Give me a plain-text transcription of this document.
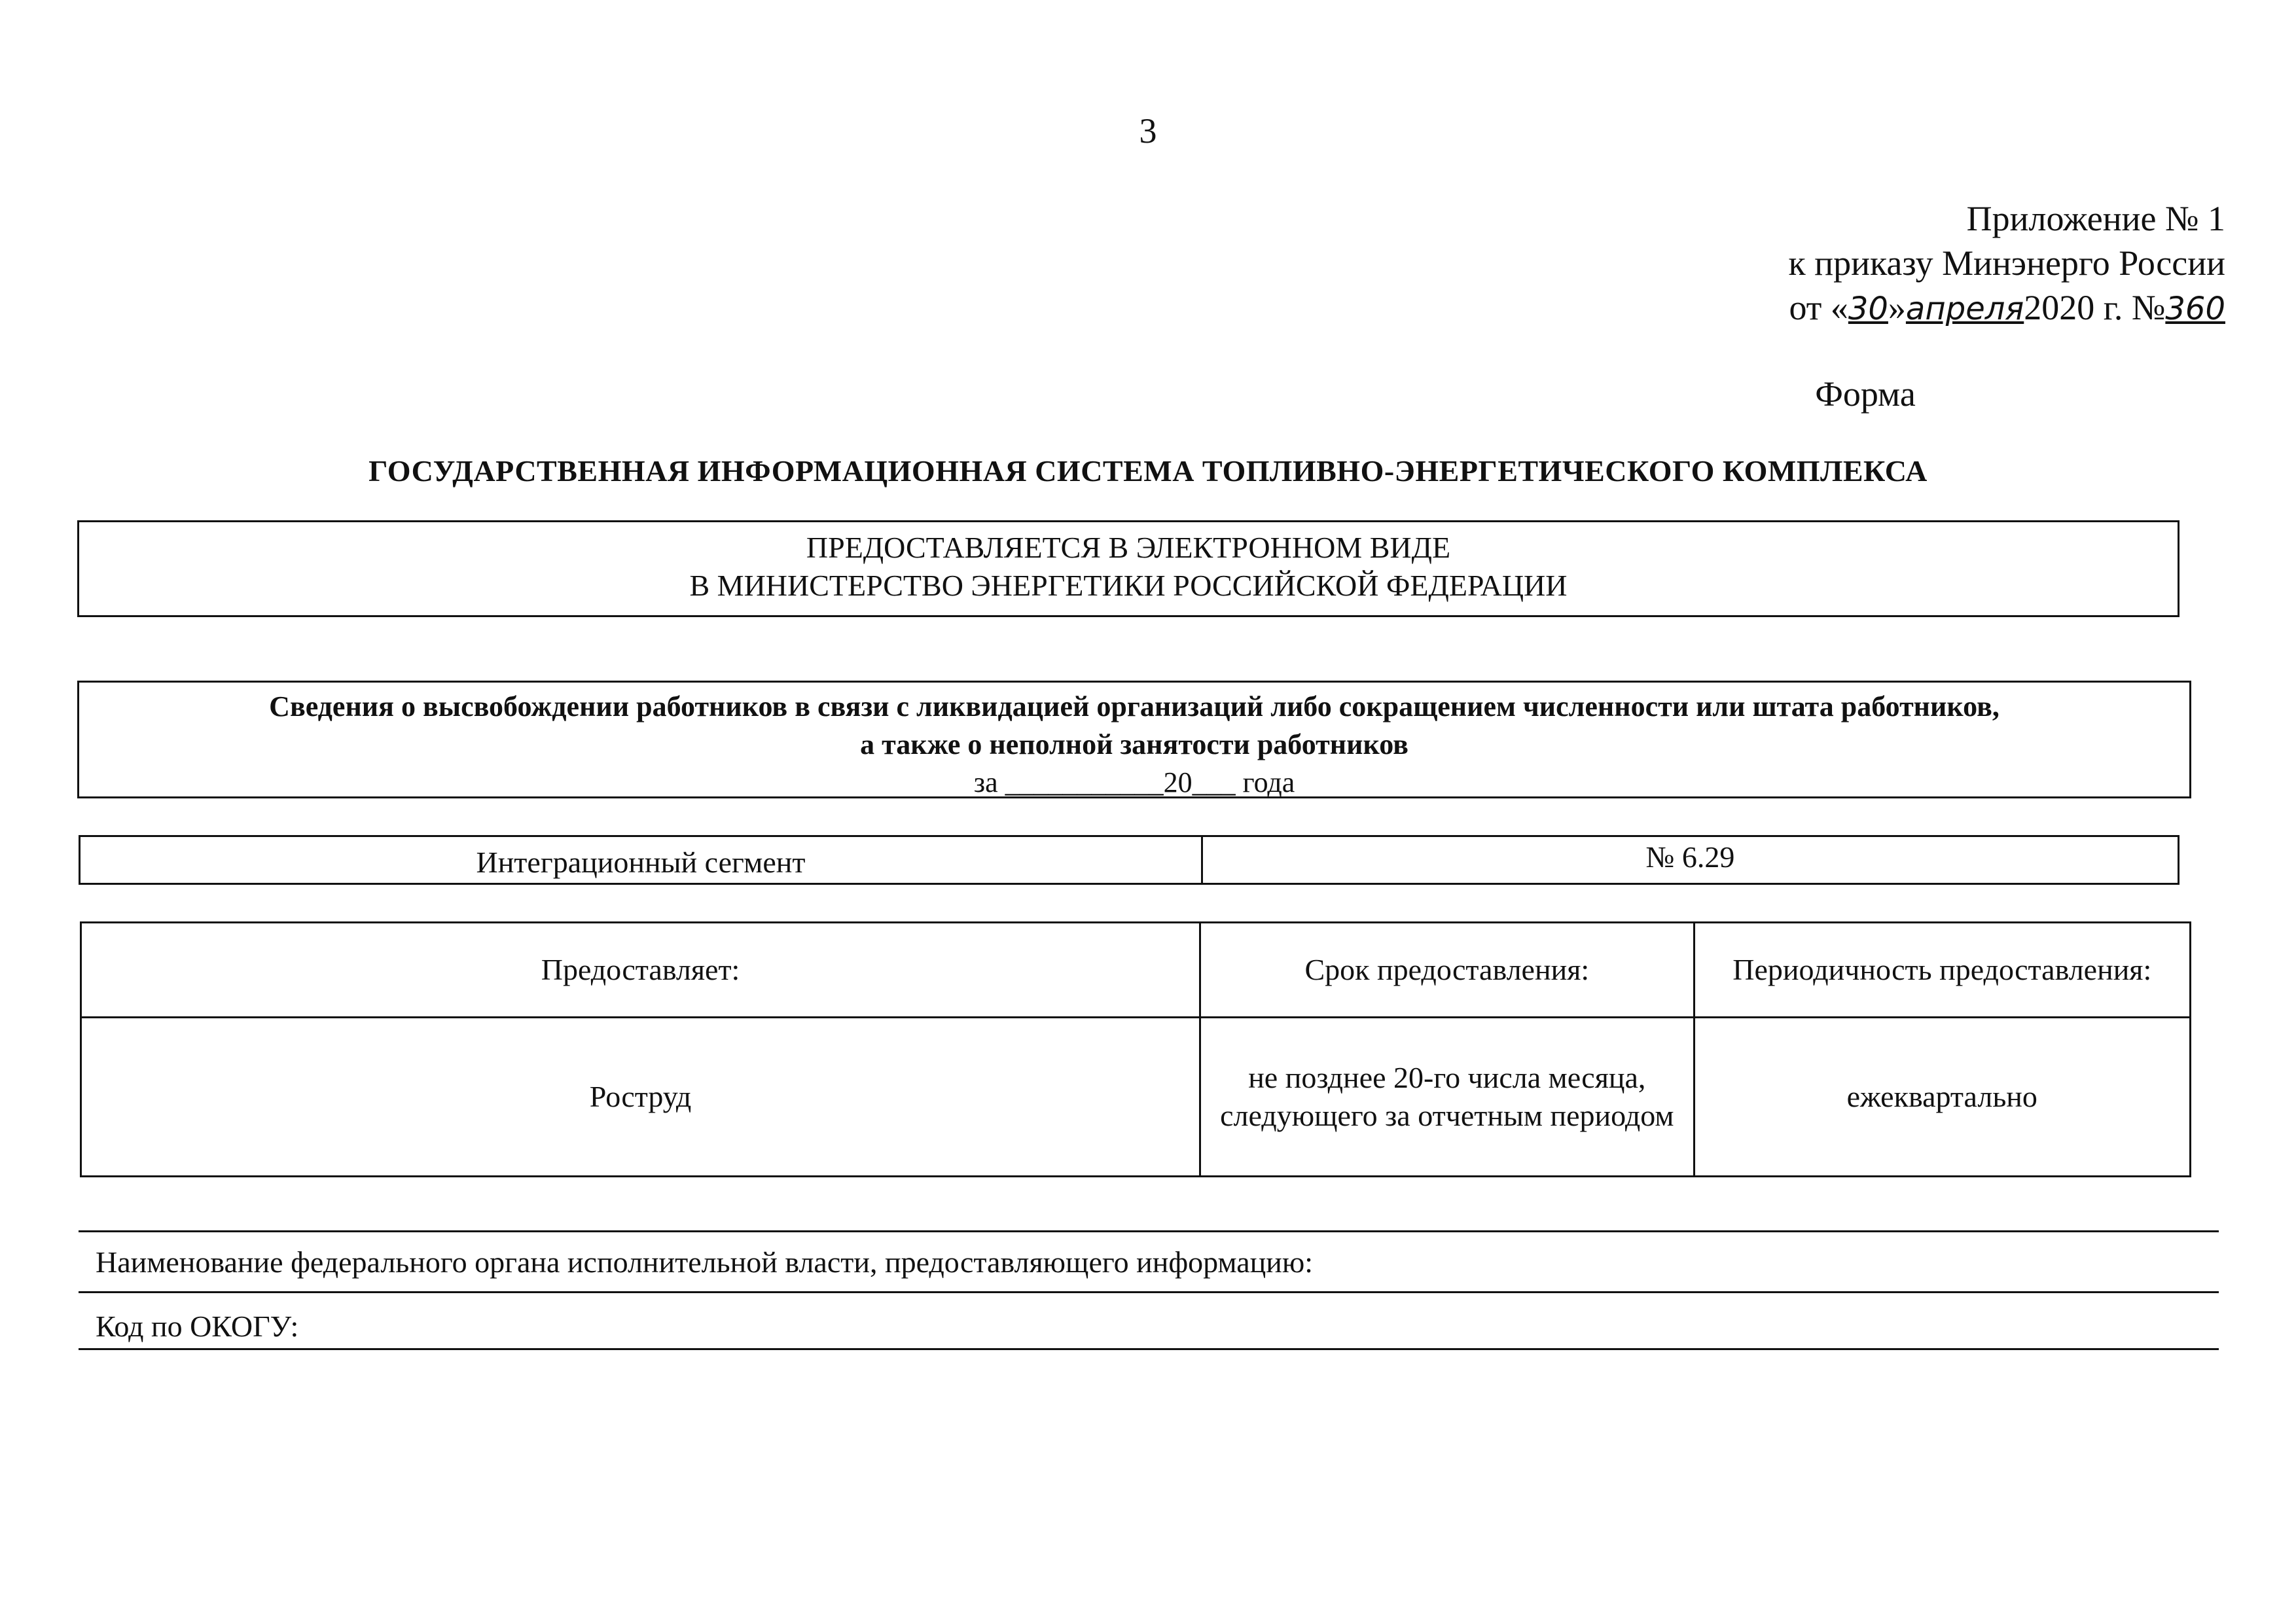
3
Приложение № 1
к приказу Минэнерго России
от «30»апреля2020 г. №360
Форма
ГОСУДАРСТВЕННАЯ ИНФОРМАЦИОННАЯ СИСТЕМА ТОПЛИВНО-ЭНЕРГЕТИЧЕСКОГО КОМПЛЕКСА
ПРЕДОСТАВЛЯЕТСЯ В ЭЛЕКТРОННОМ ВИДЕ
В МИНИСТЕРСТВО ЭНЕРГЕТИКИ РОССИЙСКОЙ ФЕДЕРАЦИИ
Сведения о высвобождении работников в связи с ликвидацией организаций либо сокращением численности или штата работников,
а также о неполной занятости работников
за ___________20___ года
Интеграционный сегмент	№ 6.29
Предоставляет:	Срок предоставления:	Периодичность предоставления:
Роструд	не позднее 20-го числа месяца, следующего за отчетным периодом	ежеквартально
Наименование федерального органа исполнительной власти, предоставляющего информацию:
Код по ОКОГУ:
